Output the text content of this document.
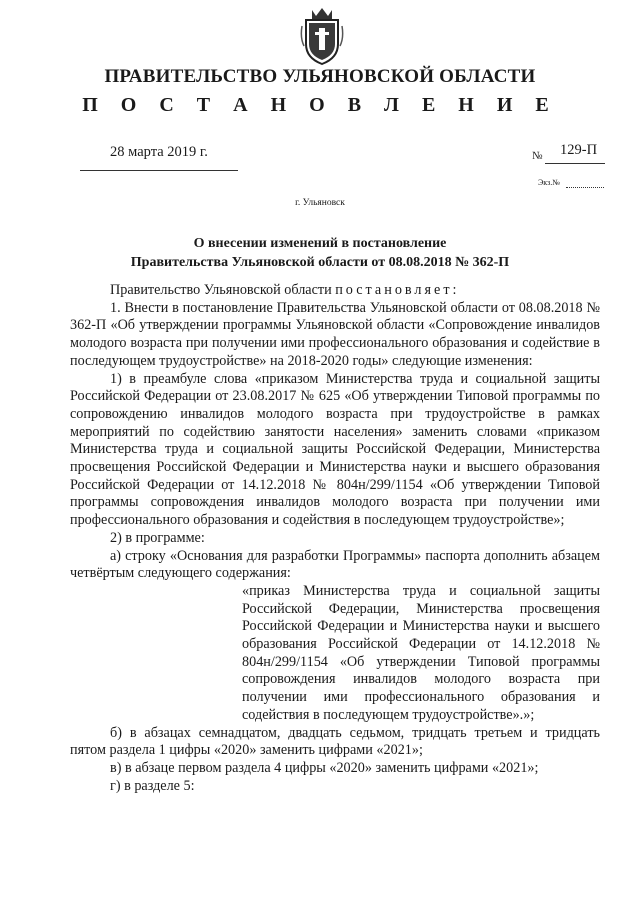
ПРАВИТЕЛЬСТВО УЛЬЯНОВСКОЙ ОБЛАСТИ
П О С Т А Н О В Л Е Н И Е
28 марта 2019 г.	№ 129-П
Экз.№
г. Ульяновск
О внесении изменений в постановление
Правительства Ульяновской области от 08.08.2018 № 362-П

Правительство Ульяновской области постановляет:

1. Внести в постановление Правительства Ульяновской области от 08.08.2018 № 362-П «Об утверждении программы Ульяновской области «Сопровождение инвалидов молодого возраста при получении ими профессионального образования и содействие в последующем трудоустройстве» на 2018-2020 годы» следующие изменения:

1) в преамбуле слова «приказом Министерства труда и социальной защиты Российской Федерации от 23.08.2017 № 625 «Об утверждении Типовой программы по сопровождению инвалидов молодого возраста при трудоустройстве в рамках мероприятий по содействию занятости населения» заменить словами «приказом Министерства труда и социальной защиты Российской Федерации, Министерства просвещения Российской Федерации и Министерства науки и высшего образования Российской Федерации от 14.12.2018 № 804н/299/1154 «Об утверждении Типовой программы сопровождения инвалидов молодого возраста при получении ими профессионального образования и содействия в последующем трудоустройстве»;

2) в программе:

а) строку «Основания для разработки Программы» паспорта дополнить абзацем четвёртым следующего содержания:

«приказ Министерства труда и социальной защиты Российской Федерации, Министерства просвещения Российской Федерации и Министерства науки и высшего образования Российской Федерации от 14.12.2018 № 804н/299/1154 «Об утверждении Типовой программы сопровождения инвалидов молодого возраста при получении ими профессионального образования и содействия в последующем трудоустройстве».»;

б) в абзацах семнадцатом, двадцать седьмом, тридцать третьем и тридцать пятом раздела 1 цифры «2020» заменить цифрами «2021»;

в) в абзаце первом раздела 4 цифры «2020» заменить цифрами «2021»;

г) в разделе 5:
